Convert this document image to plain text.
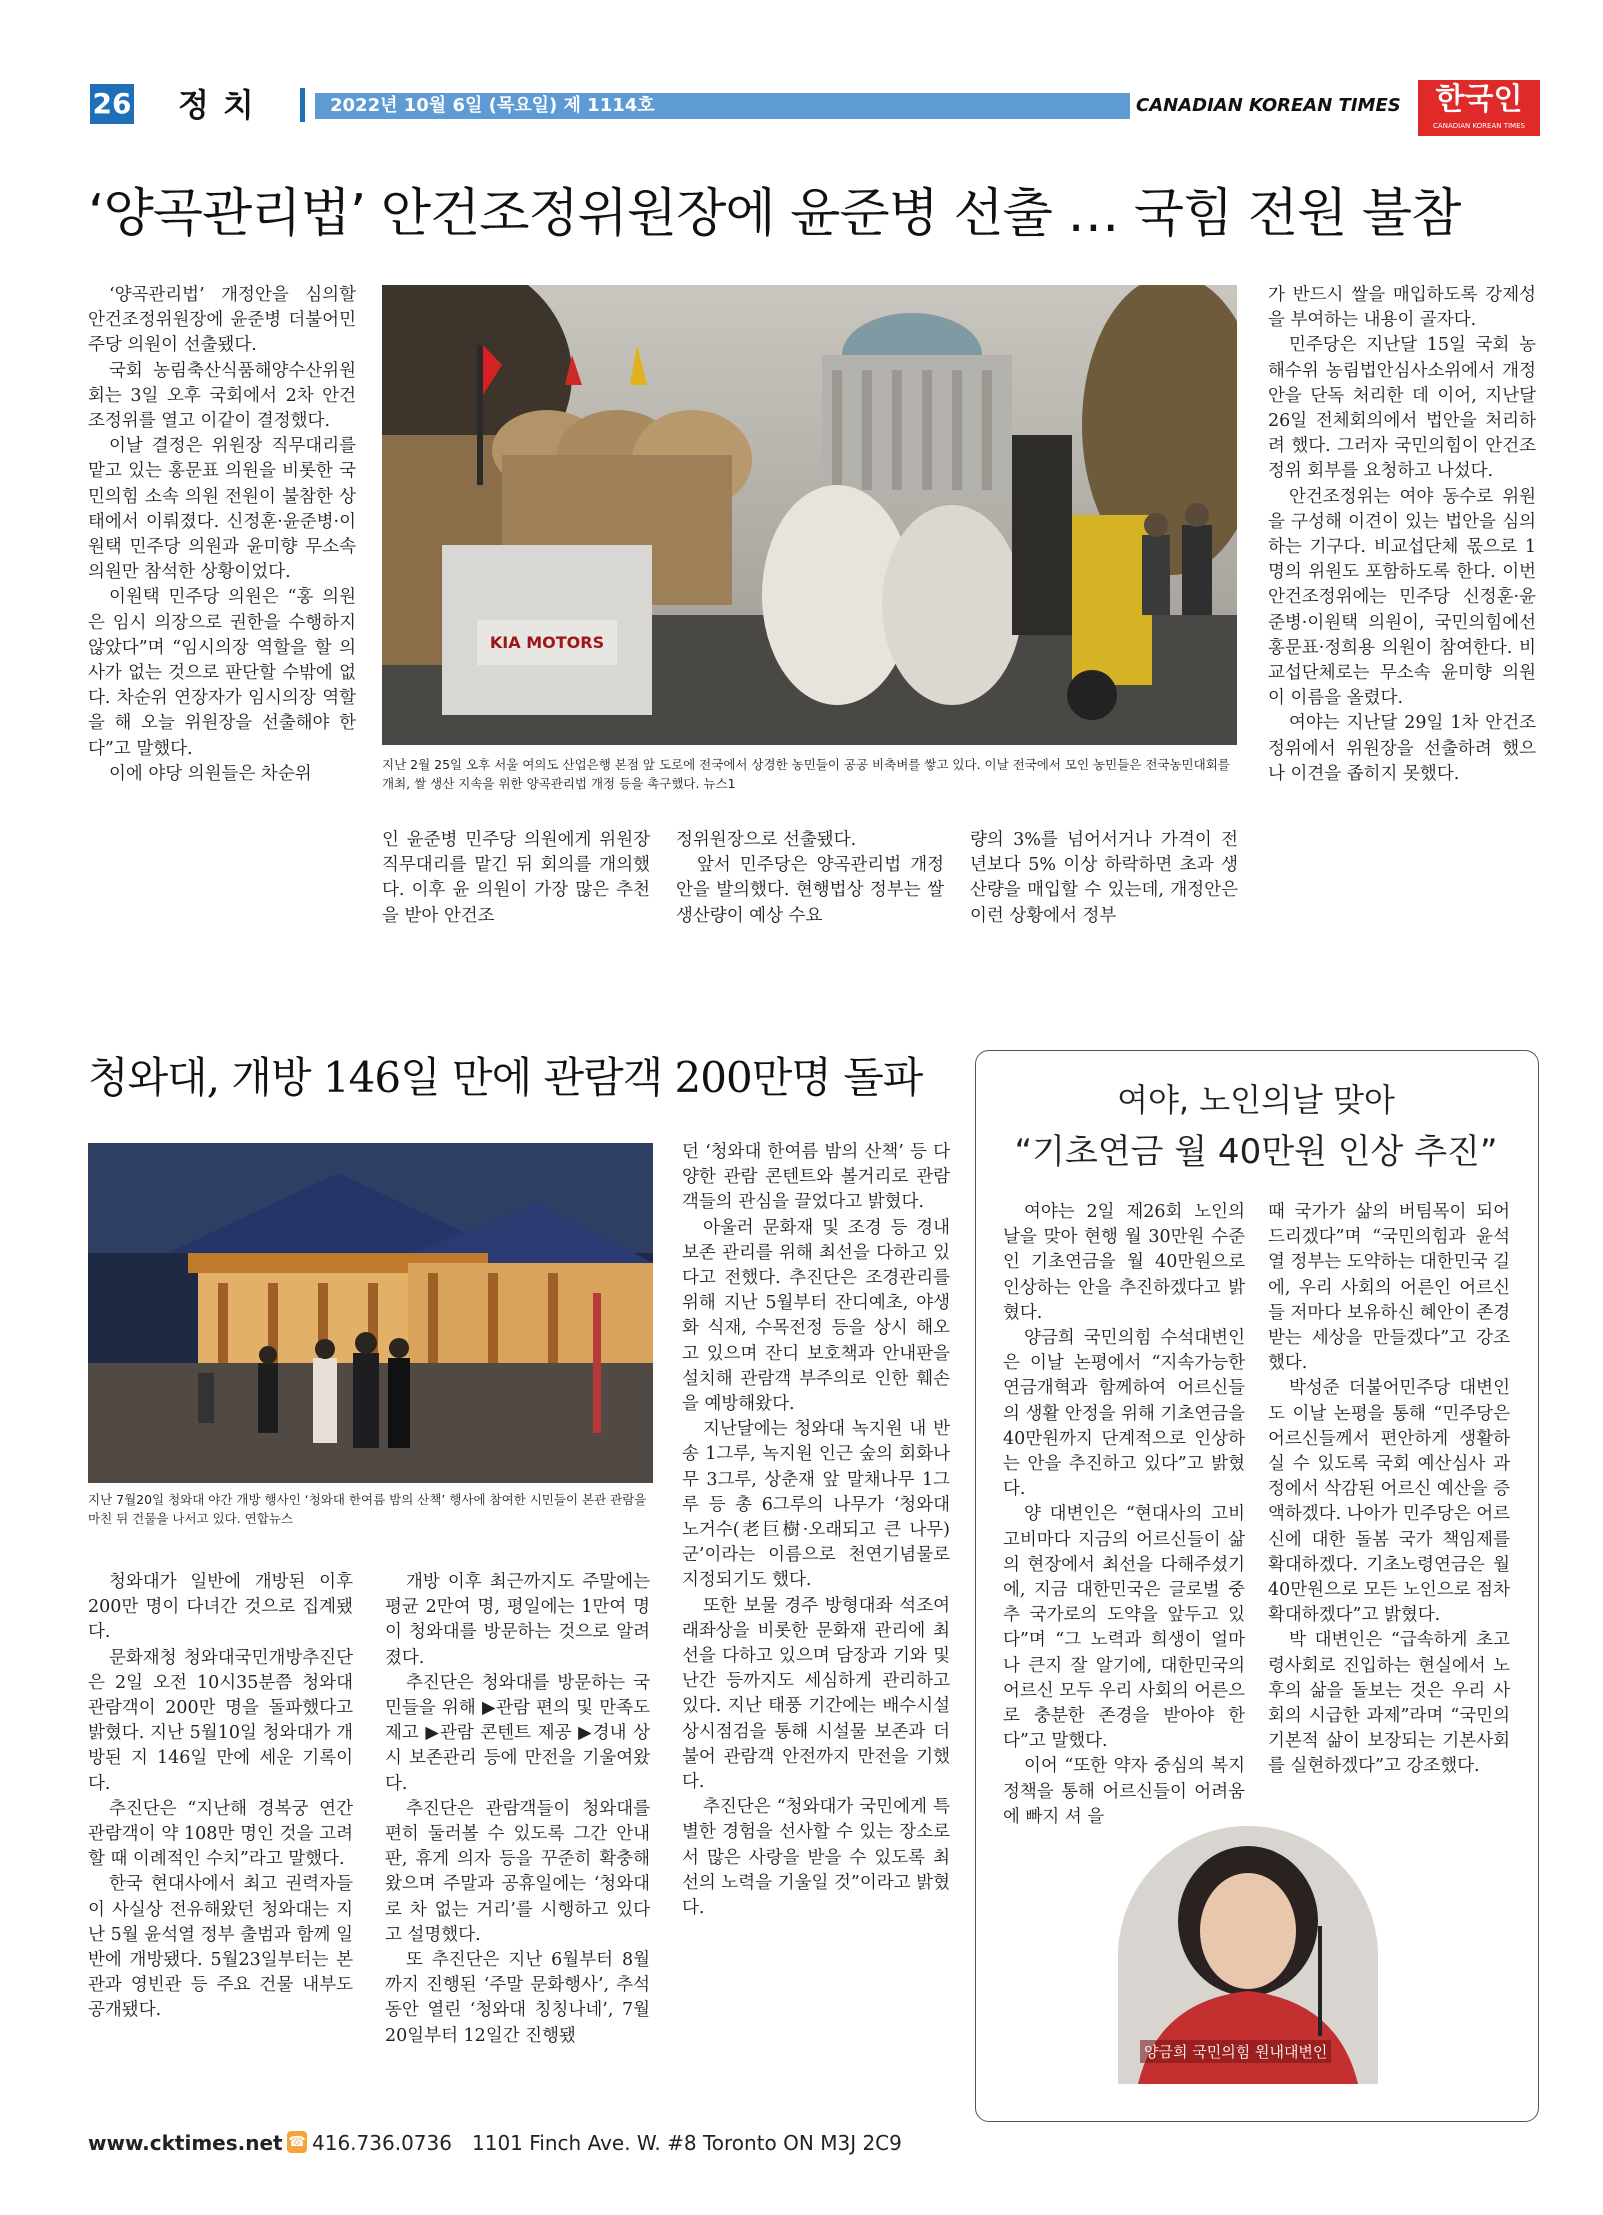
26 정치	2022년 10월 6일 (목요일) 제 1114호	CANADIAN KOREAN TIMES	한국인
CANADIAN KOREAN TIMES
‘양곡관리법’ 안건조정위원장에 윤준병 선출 … 국힘 전원 불참

‘양곡관리법’ 개정안을 심의할 안건조정위원장에 윤준병 더불어민주당 의원이 선출됐다.

국회 농림축산식품해양수산위원회는 3일 오후 국회에서 2차 안건조정위를 열고 이같이 결정했다.

이날 결정은 위원장 직무대리를 맡고 있는 홍문표 의원을 비롯한 국민의힘 소속 의원 전원이 불참한 상태에서 이뤄졌다. 신정훈·윤준병·이원택 민주당 의원과 윤미향 무소속 의원만 참석한 상황이었다.

이원택 민주당 의원은 “홍 의원은 임시 의장으로 권한을 수행하지 않았다”며 “임시의장 역할을 할 의사가 없는 것으로 판단할 수밖에 없다. 차순위 연장자가 임시의장 역할을 해 오늘 위원장을 선출해야 한다”고 말했다.

이에 야당 의원들은 차순위

KIA MOTORS
지난 2월 25일 오후 서울 여의도 산업은행 본점 앞 도로에 전국에서 상경한 농민들이 공공 비축벼를 쌓고 있다. 이날 전국에서 모인 농민들은 전국농민대회를 개최, 쌀 생산 지속을 위한 양곡관리법 개정 등을 촉구했다. 뉴스1

인 윤준병 민주당 의원에게 위원장 직무대리를 맡긴 뒤 회의를 개의했다. 이후 윤 의원이 가장 많은 추천을 받아 안건조

정위원장으로 선출됐다.

앞서 민주당은 양곡관리법 개정안을 발의했다. 현행법상 정부는 쌀 생산량이 예상 수요

량의 3%를 넘어서거나 가격이 전년보다 5% 이상 하락하면 초과 생산량을 매입할 수 있는데, 개정안은 이런 상황에서 정부

가 반드시 쌀을 매입하도록 강제성을 부여하는 내용이 골자다.

민주당은 지난달 15일 국회 농해수위 농림법안심사소위에서 개정안을 단독 처리한 데 이어, 지난달 26일 전체회의에서 법안을 처리하려 했다. 그러자 국민의힘이 안건조정위 회부를 요청하고 나섰다.

안건조정위는 여야 동수로 위원을 구성해 이견이 있는 법안을 심의하는 기구다. 비교섭단체 몫으로 1명의 위원도 포함하도록 한다. 이번 안건조정위에는 민주당 신정훈·윤준병·이원택 의원이, 국민의힘에선 홍문표·정희용 의원이 참여한다. 비교섭단체로는 무소속 윤미향 의원이 이름을 올렸다.

여야는 지난달 29일 1차 안건조정위에서 위원장을 선출하려 했으나 이견을 좁히지 못했다.

청와대, 개방 146일 만에 관람객 200만명 돌파
지난 7월20일 청와대 야간 개방 행사인 ‘청와대 한여름 밤의 산책’ 행사에 참여한 시민들이 본관 관람을 마친 뒤 건물을 나서고 있다. 연합뉴스

청와대가 일반에 개방된 이후 200만 명이 다녀간 것으로 집계됐다.

문화재청 청와대국민개방추진단은 2일 오전 10시35분쯤 청와대 관람객이 200만 명을 돌파했다고 밝혔다. 지난 5월10일 청와대가 개방된 지 146일 만에 세운 기록이다.

추진단은 “지난해 경복궁 연간 관람객이 약 108만 명인 것을 고려할 때 이례적인 수치”라고 말했다.

한국 현대사에서 최고 권력자들이 사실상 전유해왔던 청와대는 지난 5월 윤석열 정부 출범과 함께 일반에 개방됐다. 5월23일부터는 본관과 영빈관 등 주요 건물 내부도 공개됐다.

개방 이후 최근까지도 주말에는 평균 2만여 명, 평일에는 1만여 명이 청와대를 방문하는 것으로 알려졌다.

추진단은 청와대를 방문하는 국민들을 위해 ▶관람 편의 및 만족도 제고 ▶관람 콘텐트 제공 ▶경내 상시 보존관리 등에 만전을 기울여왔다.

추진단은 관람객들이 청와대를 편히 둘러볼 수 있도록 그간 안내판, 휴게 의자 등을 꾸준히 확충해왔으며 주말과 공휴일에는 ‘청와대로 차 없는 거리’를 시행하고 있다고 설명했다.

또 추진단은 지난 6월부터 8월까지 진행된 ‘주말 문화행사’, 추석 동안 열린 ‘청와대 칭칭나네’, 7월20일부터 12일간 진행됐

던 ‘청와대 한여름 밤의 산책’ 등 다양한 관람 콘텐트와 볼거리로 관람객들의 관심을 끌었다고 밝혔다.

아울러 문화재 및 조경 등 경내 보존 관리를 위해 최선을 다하고 있다고 전했다. 추진단은 조경관리를 위해 지난 5월부터 잔디예초, 야생화 식재, 수목전정 등을 상시 해오고 있으며 잔디 보호책과 안내판을 설치해 관람객 부주의로 인한 훼손을 예방해왔다.

지난달에는 청와대 녹지원 내 반송 1그루, 녹지원 인근 숲의 회화나무 3그루, 상춘재 앞 말채나무 1그루 등 총 6그루의 나무가 ‘청와대 노거수(老巨樹·오래되고 큰 나무) 군’이라는 이름으로 천연기념물로 지정되기도 했다.

또한 보물 경주 방형대좌 석조여래좌상을 비롯한 문화재 관리에 최선을 다하고 있으며 담장과 기와 및 난간 등까지도 세심하게 관리하고 있다. 지난 태풍 기간에는 배수시설 상시점검을 통해 시설물 보존과 더불어 관람객 안전까지 만전을 기했다.

추진단은 “청와대가 국민에게 특별한 경험을 선사할 수 있는 장소로서 많은 사랑을 받을 수 있도록 최선의 노력을 기울일 것”이라고 밝혔다.

여야, 노인의날 맞아
“기초연금 월 40만원 인상 추진”

여야는 2일 제26회 노인의 날을 맞아 현행 월 30만원 수준인 기초연금을 월 40만원으로 인상하는 안을 추진하겠다고 밝혔다.

양금희 국민의힘 수석대변인은 이날 논평에서 “지속가능한 연금개혁과 함께하여 어르신들의 생활 안정을 위해 기초연금을 40만원까지 단계적으로 인상하는 안을 추진하고 있다”고 밝혔다.

양 대변인은 “현대사의 고비 고비마다 지금의 어르신들이 삶의 현장에서 최선을 다해주셨기에, 지금 대한민국은 글로벌 중추 국가로의 도약을 앞두고 있다”며 “그 노력과 희생이 얼마나 큰지 잘 알기에, 대한민국의 어르신 모두 우리 사회의 어른으로 충분한 존경을 받아야 한다”고 말했다.

이어 “또한 약자 중심의 복지정책을 통해 어르신들이 어려움에 빠지 셔 을

때 국가가 삶의 버팀목이 되어 드리겠다”며 “국민의힘과 윤석열 정부는 도약하는 대한민국 길에, 우리 사회의 어른인 어르신들 저마다 보유하신 혜안이 존경받는 세상을 만들겠다”고 강조했다.

박성준 더불어민주당 대변인도 이날 논평을 통해 “민주당은 어르신들께서 편안하게 생활하실 수 있도록 국회 예산심사 과정에서 삭감된 어르신 예산을 증액하겠다. 나아가 민주당은 어르신에 대한 돌봄 국가 책임제를 확대하겠다. 기초노령연금은 월 40만원으로 모든 노인으로 점차 확대하겠다”고 밝혔다.

박 대변인은 “급속하게 초고령사회로 진입하는 현실에서 노후의 삶을 돌보는 것은 우리 사회의 시급한 과제”라며 “국민의 기본적 삶이 보장되는 기본사회를 실현하겠다”고 강조했다.

양금희 국민의힘 원내대변인
www.cktimes.net ☎ 416.736.0736 1101 Finch Ave. W. #8 Toronto ON M3J 2C9
